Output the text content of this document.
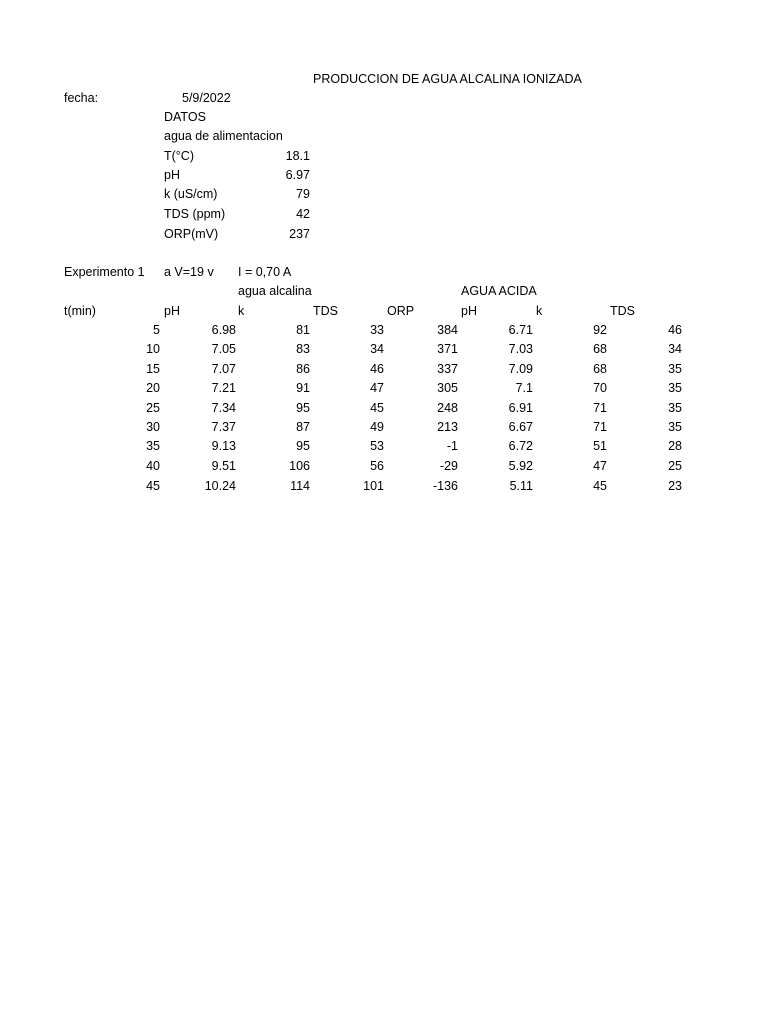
PRODUCCION DE AGUA ALCALINA IONIZADA
fecha:	5/9/2022
DATOS
agua de alimentacion
T(°C)	18.1
pH	6.97
k (uS/cm)	79
TDS (ppm)	42
ORP(mV)	237
Experimento 1 a V=19 v I = 0,70 A
agua alcalina	AGUA ACIDA
t(min)	pH	k	TDS	ORP	pH	k	TDS
5	6.98	81	33	384	6.71	92	46
10	7.05	83	34	371	7.03	68	34
15	7.07	86	46	337	7.09	68	35
20	7.21	91	47	305	7.1	70	35
25	7.34	95	45	248	6.91	71	35
30	7.37	87	49	213	6.67	71	35
35	9.13	95	53	-1	6.72	51	28
40	9.51	106	56	-29	5.92	47	25
45	10.24	114	101	-136	5.11	45	23
